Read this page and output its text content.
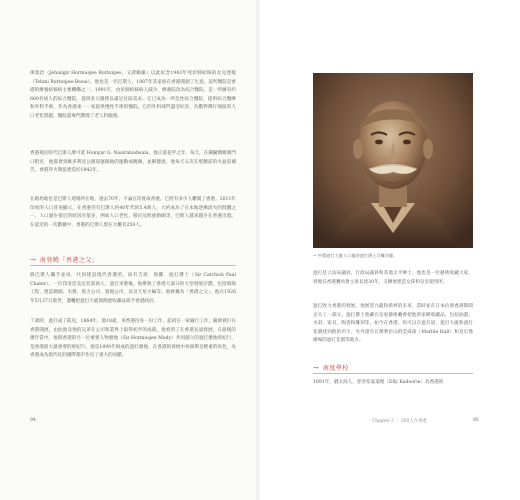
律敦治（Jehangir Hormusjee Ruttonjee，又譯賴廉）以此紀念1943年死於肺結核的女兒達嫚（Tehmi Ruttonjee-Desai）。他也是一名巴斯人，1887年其家族在香港開創了生意，這所醫院是香港的療養結核病主要機構之一。1991年，由於肺結核病人減少，療養院改為綜合醫院，是一所擁有約600名病人的綜合醫院，提供多元服務以滿足社區需求。它已成為一所急性綜合醫院，提供綜合醫療和外科手術，作為香港東一一家提供慢性手術的醫院。它的外科部門盡受好評，為數對灣仔地區的人口老化問題，醫院還專門護理了老人科服務。
香港殖民時代巴斯人摩可延 Homyar G. Nusirabadwala，他正值花甲之年，每天，在銅鑼灣維園門口附近，他都會到維多利亞公園晨運做他的運動或跳舞，並稱健康，他每天五次在壁鏈前的火盆前禱告，香港拜火教徒建造於1842年。
在路馬地也是巴斯人建場所在地，過去70年，不論在印度或香港，已經有多少人離開了香港。2011年印度的人口普查顯示，在香港仍有巴斯人約40年代的5.4萬人，大約成為了在本地逐漸消失的群體之一。人口減少很近的原因有很多，例如人口老化，移民及跨族婚姻等，巴斯人越來越少在香港出現。在最近的一次數據中，香港的巴斯人現在大概有250人。
→ 南登曉「香港之父」
與巴斯人攜手並肩，共同建設現代香港的，尚有吉席．保羅．遮打爵士（Sir Catchick Paul Chater）。一位印度亞美尼亞裔商人，遮打來港後，他參與了香港大部分的大型發展計劃，包括填海工程、建造碼頭、水務、電力公司、置地公司，以及天星小輪等。他被稱為「香港之父」，他在1926年5月27日逝世，遺囑把遮打大廈與陶瓷收藏品捐予香港政府。
７歲時，遮打成了孤兒，1864年，他18歲，來香港投身一份工作，起初在一家銀行工作，隨即被打在香港開展，由此他及他的兄弟在公司和業界上取得初步的成就，他看到了在香港長遠發展，在最後的幾年當中，他與香港的另一位重要人物麼地（Sir Hormusjee Mody）共同創立的遮打麼地經紀行，是香港最大最重要的經紀行。他是1890年組成的遮打麼地，在香港的發展中扮演舉足輕重的角色，為香港成為現代化的國際都市作出了重大的貢獻。
94	95
Chapter 2 ｜ 印度人在香港
→ 中環遮打大廈入口處的遮打爵士浮雕肖像。
遮打是立法局議員，行政局議員和其他太平紳士，他也是一位藝術收藏大家，曾擔任香港賽馬會主席長達30年，又擴展建造女孩和皇室使用所。
遮打致力香港的發展，他展望九龍和新界的未來，當時並在日本佔領香港期間丟失了一部分。遮打爵士收藏在皇家藝術廳會把他的家鄉收藏品，包括油畫、水彩、家具，陶瓷和雕刻等，如今在香港，你可以在遮打道，遮打大廈和遮打花園找到他的名字，另外還有在摩利臣山的雲咸街（Marble Hall）和皇后像廣場的遮打花園等地方。
→ 南度學校
1891年，猶太商人，慈善家嘉道理（Elly Kadoorie）為香港的
